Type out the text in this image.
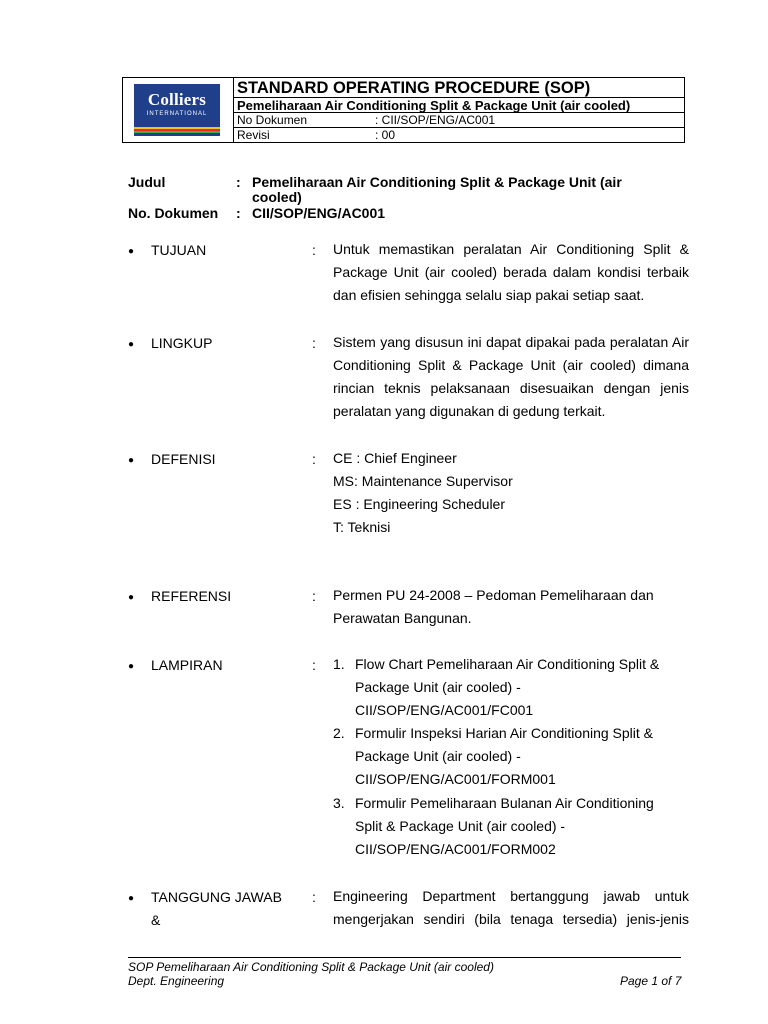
Colliers
INTERNATIONAL
STANDARD OPERATING PROCEDURE (SOP)
Pemeliharaan Air Conditioning Split & Package Unit (air cooled)
No Dokumen	: CII/SOP/ENG/AC001
Revisi	: 00
Judul	: Pemeliharaan Air Conditioning Split & Package Unit (air
cooled)
No. Dokumen : CII/SOP/ENG/AC001
● TUJUAN	: Untuk memastikan peralatan Air Conditioning Split &
Package Unit (air cooled) berada dalam kondisi terbaik
dan efisien sehingga selalu siap pakai setiap saat.
● LINGKUP	: Sistem yang disusun ini dapat dipakai pada peralatan Air
Conditioning Split & Package Unit (air cooled) dimana
rincian teknis pelaksanaan disesuaikan dengan jenis
peralatan yang digunakan di gedung terkait.
● DEFENISI	: CE : Chief Engineer
MS: Maintenance Supervisor
ES : Engineering Scheduler
T: Teknisi
● REFERENSI	: Permen PU 24-2008 – Pedoman Pemeliharaan dan
Perawatan Bangunan.
● LAMPIRAN	: 1. Flow Chart Pemeliharaan Air Conditioning Split &
Package Unit (air cooled) -
CII/SOP/ENG/AC001/FC001
2. Formulir Inspeksi Harian Air Conditioning Split &
Package Unit (air cooled) -
CII/SOP/ENG/AC001/FORM001
3. Formulir Pemeliharaan Bulanan Air Conditioning
Split & Package Unit (air cooled) -
CII/SOP/ENG/AC001/FORM002
● TANGGUNG JAWAB
&
: Engineering Department bertanggung jawab untuk
mengerjakan sendiri (bila tenaga tersedia) jenis-jenis
SOP Pemeliharaan Air Conditioning Split & Package Unit (air cooled)
Dept. Engineering	Page 1 of 7
